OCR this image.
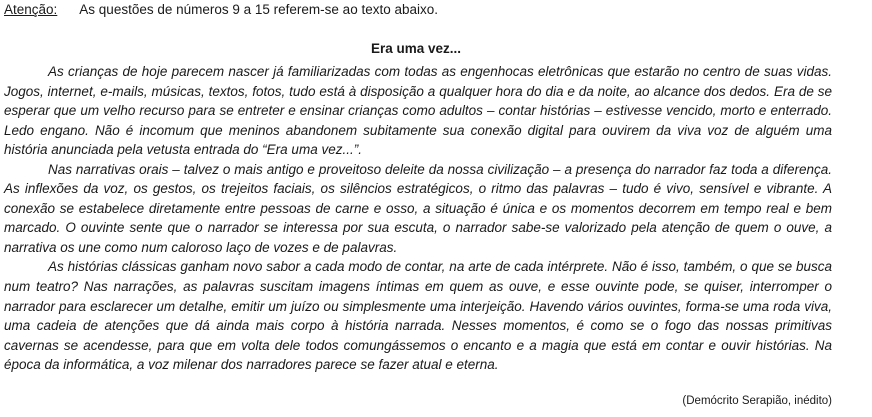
Atenção: As questões de números 9 a 15 referem-se ao texto abaixo.
Era uma vez...

As crianças de hoje parecem nascer já familiarizadas com todas as engenhocas eletrônicas que estarão no centro de suas vidas. Jogos, internet, e-mails, músicas, textos, fotos, tudo está à disposição a qualquer hora do dia e da noite, ao alcance dos dedos. Era de se esperar que um velho recurso para se entreter e ensinar crianças como adultos – contar histórias – estivesse vencido, morto e enterrado. Ledo engano. Não é incomum que meninos abandonem subitamente sua conexão digital para ouvirem da viva voz de alguém uma história anunciada pela vetusta entrada do “Era uma vez...”.

Nas narrativas orais – talvez o mais antigo e proveitoso deleite da nossa civilização – a presença do narrador faz toda a diferença. As inflexões da voz, os gestos, os trejeitos faciais, os silêncios estratégicos, o ritmo das palavras – tudo é vivo, sensível e vibrante. A conexão se estabelece diretamente entre pessoas de carne e osso, a situação é única e os momentos decorrem em tempo real e bem marcado. O ouvinte sente que o narrador se interessa por sua escuta, o narrador sabe-se valorizado pela atenção de quem o ouve, a narrativa os une como num caloroso laço de vozes e de palavras.

As histórias clássicas ganham novo sabor a cada modo de contar, na arte de cada intérprete. Não é isso, também, o que se busca num teatro? Nas narrações, as palavras suscitam imagens íntimas em quem as ouve, e esse ouvinte pode, se quiser, interromper o narrador para esclarecer um detalhe, emitir um juízo ou simplesmente uma interjeição. Havendo vários ouvintes, forma-se uma roda viva, uma cadeia de atenções que dá ainda mais corpo à história narrada. Nesses momentos, é como se o fogo das nossas primitivas cavernas se acendesse, para que em volta dele todos comungássemos o encanto e a magia que está em contar e ouvir histórias. Na época da informática, a voz milenar dos narradores parece se fazer atual e eterna.

(Demócrito Serapião, inédito)
